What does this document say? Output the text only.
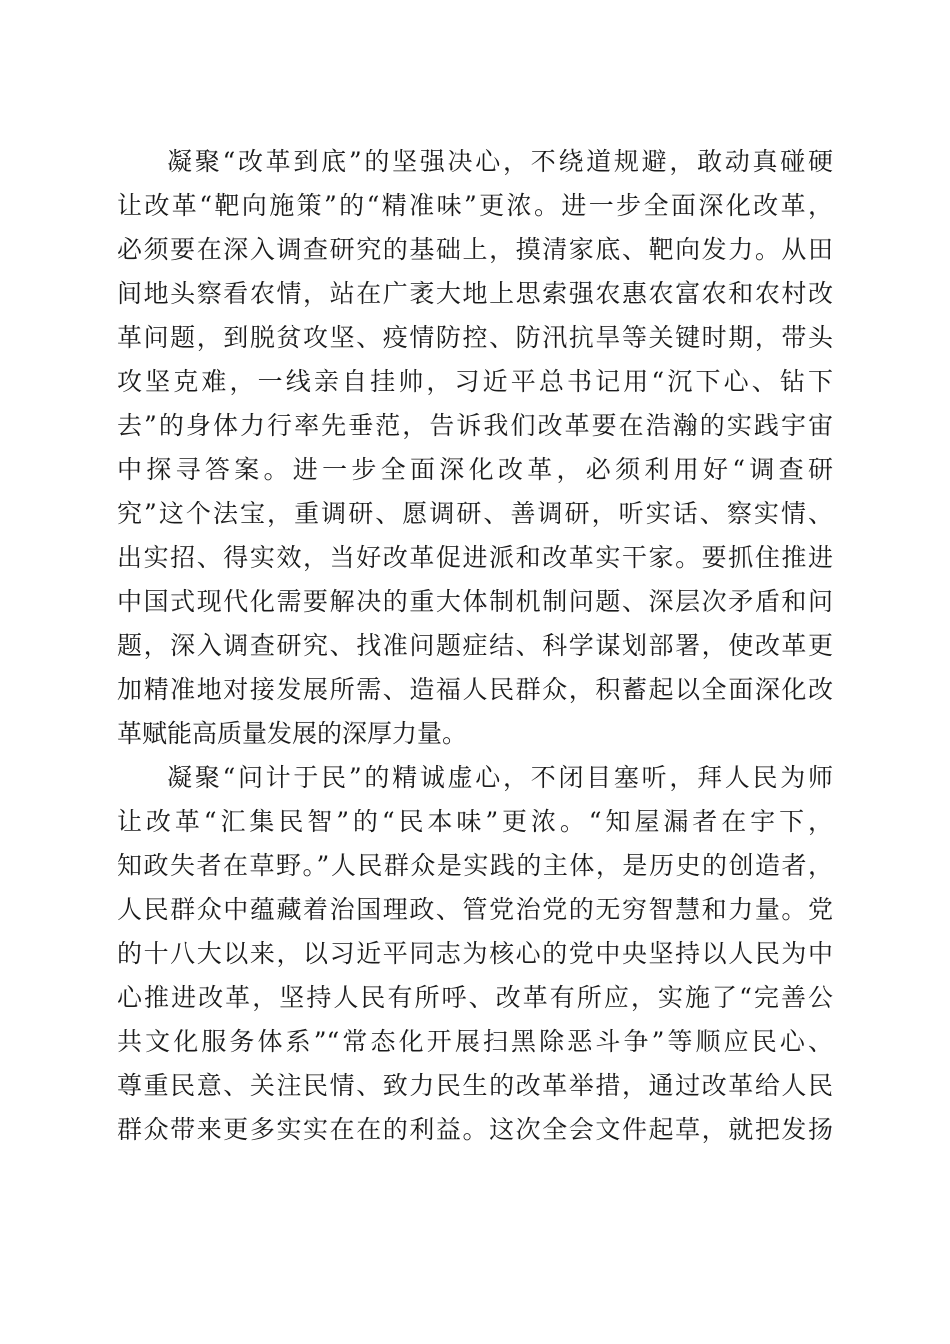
凝聚“改革到底”的坚强决心，不绕道规避，敢动真碰硬
让改革“靶向施策”的“精准味”更浓。进一步全面深化改革，
必须要在深入调查研究的基础上，摸清家底、靶向发力。从田
间地头察看农情，站在广袤大地上思索强农惠农富农和农村改
革问题，到脱贫攻坚、疫情防控、防汛抗旱等关键时期，带头
攻坚克难，一线亲自挂帅，习近平总书记用“沉下心、钻下
去”的身体力行率先垂范，告诉我们改革要在浩瀚的实践宇宙
中探寻答案。进一步全面深化改革，必须利用好“调查研
究”这个法宝，重调研、愿调研、善调研，听实话、察实情、
出实招、得实效，当好改革促进派和改革实干家。要抓住推进
中国式现代化需要解决的重大体制机制问题、深层次矛盾和问
题，深入调查研究、找准问题症结、科学谋划部署，使改革更
加精准地对接发展所需、造福人民群众，积蓄起以全面深化改
革赋能高质量发展的深厚力量。
凝聚“问计于民”的精诚虚心，不闭目塞听，拜人民为师
让改革“汇集民智”的“民本味”更浓。“知屋漏者在宇下，
知政失者在草野。”人民群众是实践的主体，是历史的创造者，
人民群众中蕴藏着治国理政、管党治党的无穷智慧和力量。党
的十八大以来，以习近平同志为核心的党中央坚持以人民为中
心推进改革，坚持人民有所呼、改革有所应，实施了“完善公
共文化服务体系”“常态化开展扫黑除恶斗争”等顺应民心、
尊重民意、关注民情、致力民生的改革举措，通过改革给人民
群众带来更多实实在在的利益。这次全会文件起草，就把发扬
